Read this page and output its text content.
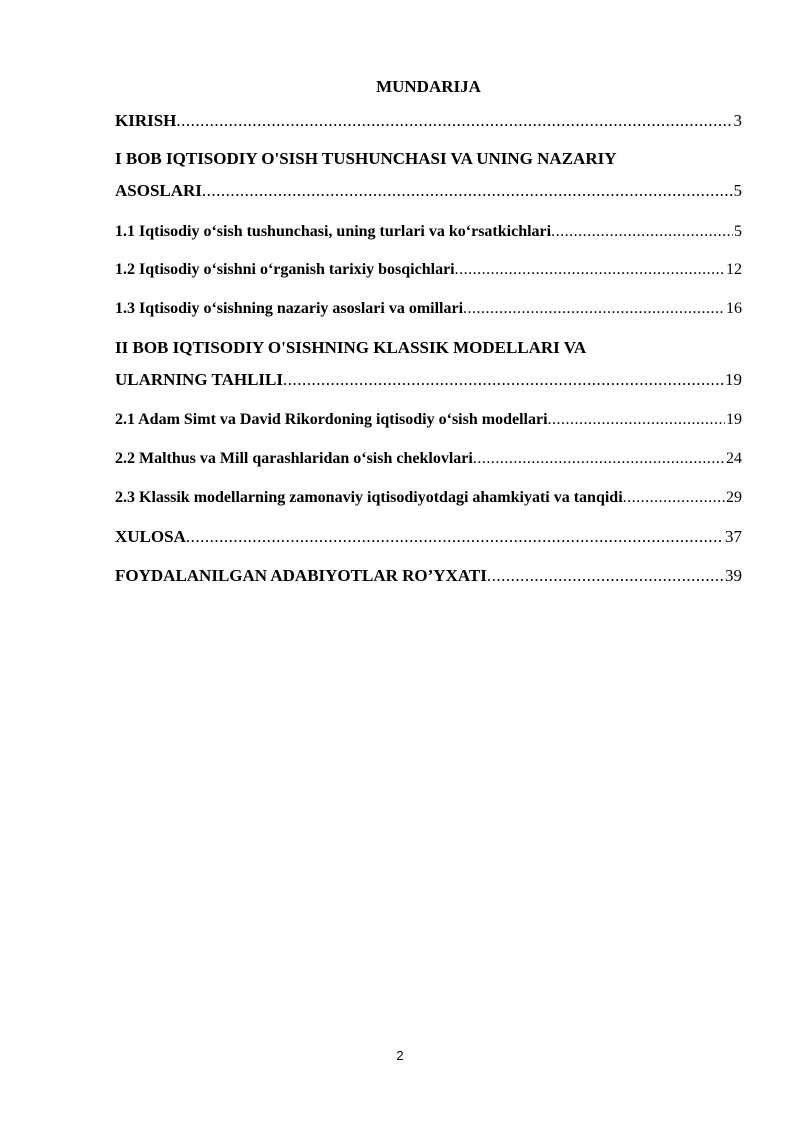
MUNDARIJA
KIRISH .....	3
I BOB IQTISODIY O'SISH TUSHUNCHASI VA UNING NAZARIY
ASOSLARI .....	5
1.1 Iqtisodiy o‘sish tushunchasi, uning turlari va ko‘rsatkichlari .....	5
1.2 Iqtisodiy o‘sishni o‘rganish tarixiy bosqichlari .....	12
1.3 Iqtisodiy o‘sishning nazariy asoslari va omillari .....	16
II BOB IQTISODIY O'SISHNING KLASSIK MODELLARI VA
ULARNING TAHLILI .....	19
2.1 Adam Simt va David Rikordoning iqtisodiy o‘sish modellari .....	19
2.2 Malthus va Mill qarashlaridan o‘sish cheklovlari .....	24
2.3 Klassik modellarning zamonaviy iqtisodiyotdagi ahamkiyati va tanqidi .....	29
XULOSA .....	37
FOYDALANILGAN ADABIYOTLAR RO’YXATI .....	39
2
